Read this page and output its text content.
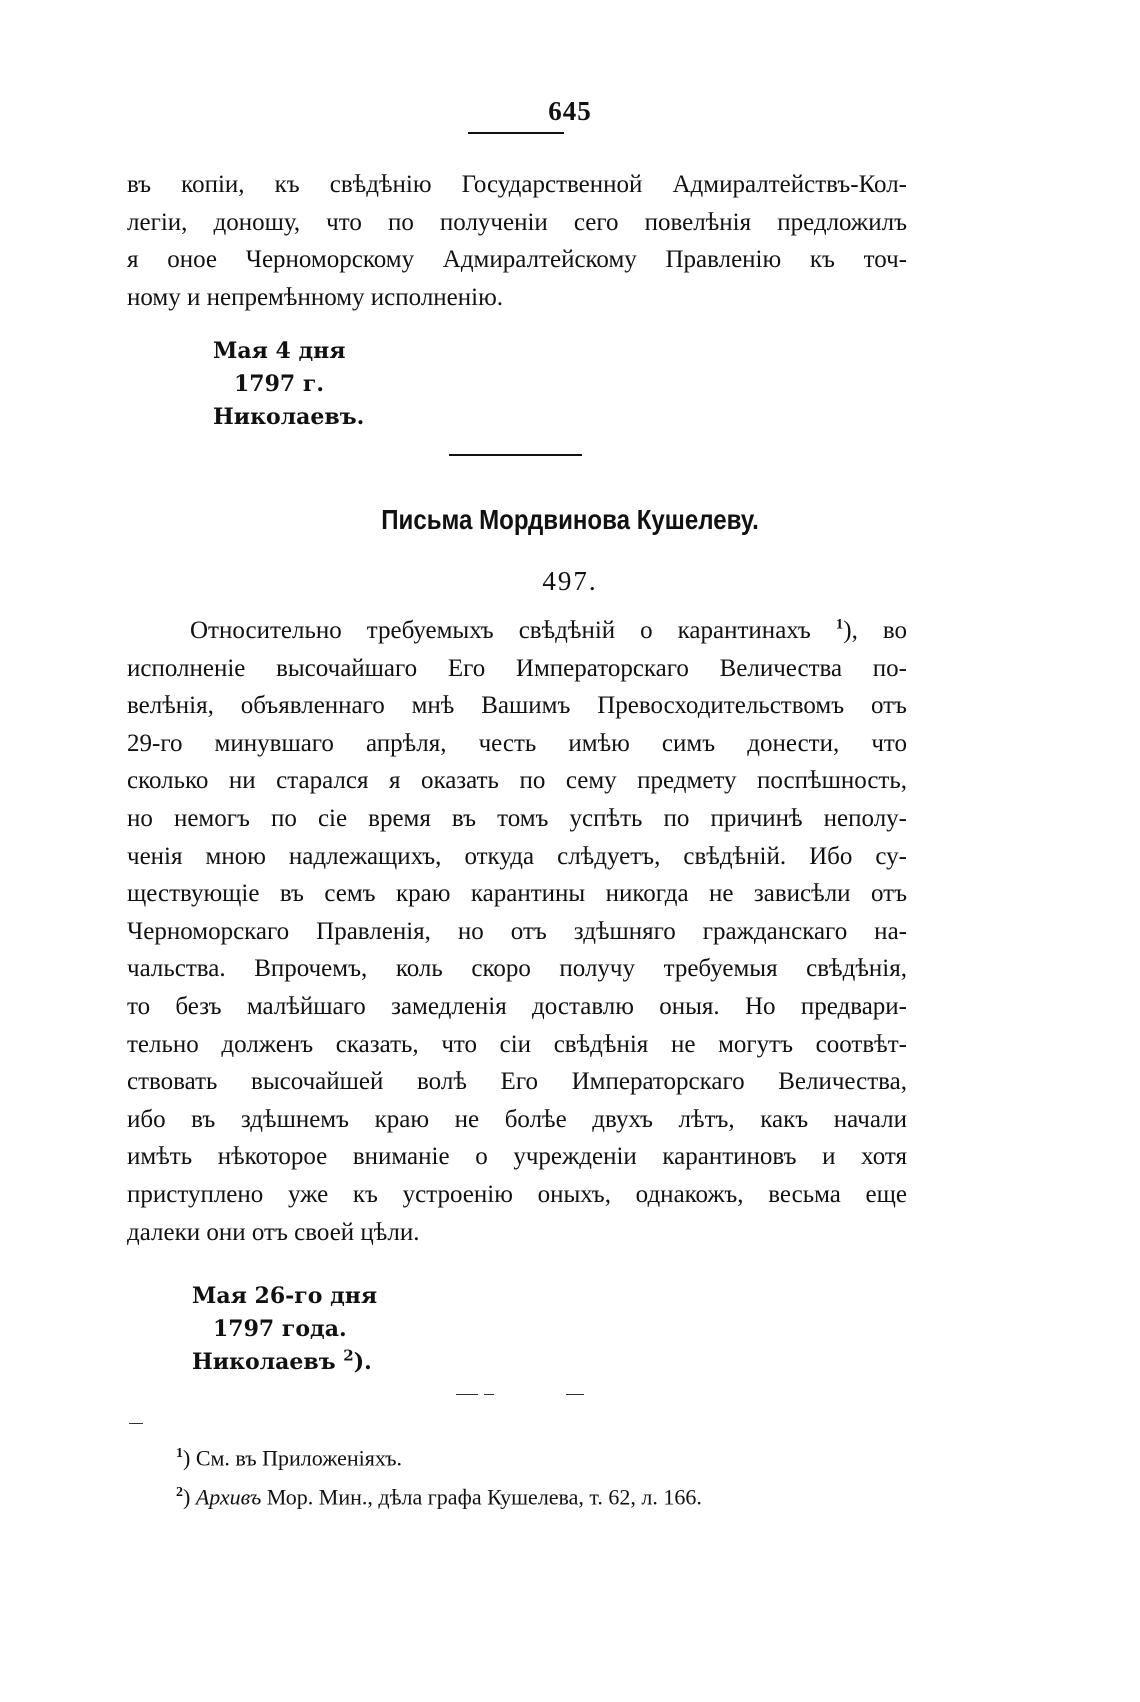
645
въ копіи, къ свѣдѣнію Государственной Адмиралтействъ-Кол-
легіи, доношу, что по полученіи сего повелѣнія предложилъ
я оное Черноморскому Адмиралтейскому Правленію къ точ-
ному и непремѣнному исполненію.
Мая 4 дня
1797 г.
Николаевъ.
Письма Мордвинова Кушелеву.
497.
Относительно требуемыхъ свѣдѣній о карантинахъ $^1$), во
исполненіе высочайшаго Его Императорскаго Величества по-
велѣнія, объявленнаго мнѣ Вашимъ Превосходительствомъ отъ
29-го минувшаго апрѣля, честь имѣю симъ донести, что
сколько ни старался я оказать по сему предмету поспѣшность,
но немогъ по сіе время въ томъ успѣть по причинѣ неполу-
ченія мною надлежащихъ, откуда слѣдуетъ, свѣдѣній. Ибо су-
ществующіе въ семъ краю карантины никогда не зависѣли отъ
Черноморскаго Правленія, но отъ здѣшняго гражданскаго на-
чальства. Впрочемъ, коль скоро получу требуемыя свѣдѣнія,
то безъ малѣйшаго замедленія доставлю оныя. Но предвари-
тельно долженъ сказать, что сіи свѣдѣнія не могутъ соотвѣт-
ствовать высочайшей волѣ Его Императорскаго Величества,
ибо въ здѣшнемъ краю не болѣе двухъ лѣтъ, какъ начали
имѣть нѣкоторое вниманіе о учрежденіи карантиновъ и хотя
приступлено уже къ устроенію оныхъ, однакожъ, весьма еще
далеки они отъ своей цѣли.
Мая 26-го дня
1797 года.
Николаевъ $^2$).
$^1$) См. въ Приложеніяхъ.
$^2$) Архивъ Мор. Мин., дѣла графа Кушелева, т. 62, л. 166.
